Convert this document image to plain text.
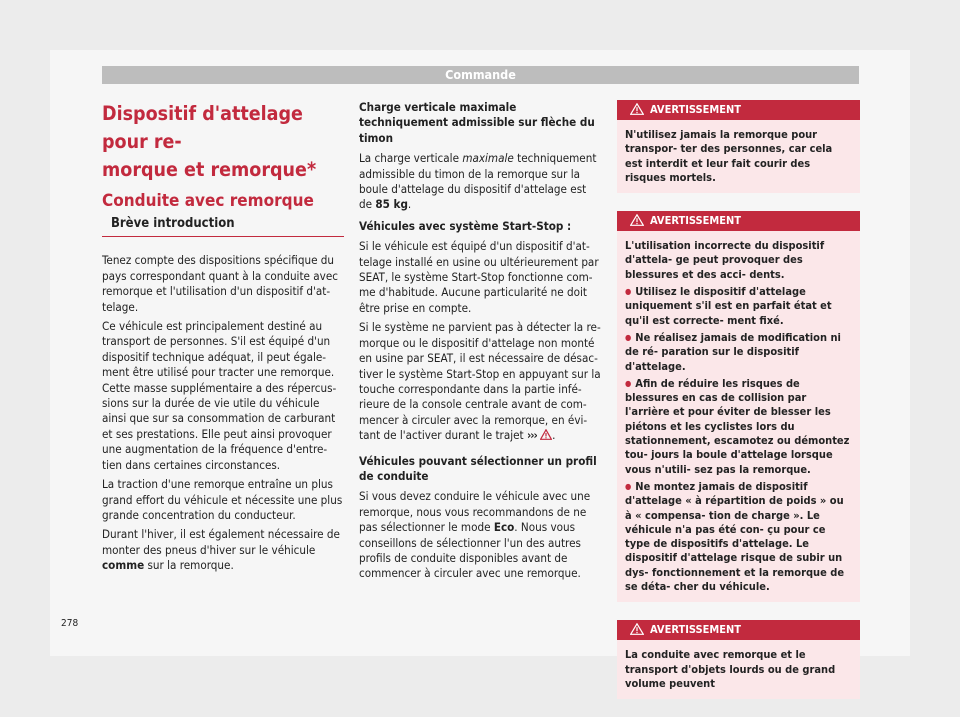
Commande
Dispositif d'attelage pour re-
morque et remorque*
Conduite avec remorque
Brève introduction

Tenez compte des dispositions spécifique du pays correspondant quant à la conduite avec remorque et l'utilisation d'un dispositif d'at- telage.

Ce véhicule est principalement destiné au transport de personnes. S'il est équipé d'un dispositif technique adéquat, il peut égale- ment être utilisé pour tracter une remorque. Cette masse supplémentaire a des répercus- sions sur la durée de vie utile du véhicule ainsi que sur sa consommation de carburant et ses prestations. Elle peut ainsi provoquer une augmentation de la fréquence d'entre- tien dans certaines circonstances.

La traction d'une remorque entraîne un plus grand effort du véhicule et nécessite une plus grande concentration du conducteur.

Durant l'hiver, il est également nécessaire de monter des pneus d'hiver sur le véhicule comme sur la remorque.

Charge verticale maximale techniquement admissible sur flèche du timon

La charge verticale maximale techniquement admissible du timon de la remorque sur la boule d'attelage du dispositif d'attelage est de 85 kg.

Véhicules avec système Start-Stop :

Si le véhicule est équipé d'un dispositif d'at- telage installé en usine ou ultérieurement par SEAT, le système Start-Stop fonctionne com- me d'habitude. Aucune particularité ne doit être prise en compte.

Si le système ne parvient pas à détecter la re- morque ou le dispositif d'attelage non monté en usine par SEAT, il est nécessaire de désac- tiver le système Start-Stop en appuyant sur la touche correspondante dans la partie infé- rieure de la console centrale avant de com- mencer à circuler avec la remorque, en évi- tant de l'activer durant le trajet ››› .

Véhicules pouvant sélectionner un profil de conduite

Si vous devez conduire le véhicule avec une remorque, nous vous recommandons de ne pas sélectionner le mode Eco. Nous vous conseillons de sélectionner l'un des autres profils de conduite disponibles avant de commencer à circuler avec une remorque.

AVERTISSEMENT
N'utilisez jamais la remorque pour transpor- ter des personnes, car cela est interdit et leur fait courir des risques mortels.
AVERTISSEMENT
L'utilisation incorrecte du dispositif d'attela- ge peut provoquer des blessures et des acci- dents.
● Utilisez le dispositif d'attelage uniquement s'il est en parfait état et qu'il est correcte- ment fixé.
● Ne réalisez jamais de modification ni de ré- paration sur le dispositif d'attelage.
● Afin de réduire les risques de blessures en cas de collision par l'arrière et pour éviter de blesser les piétons et les cyclistes lors du stationnement, escamotez ou démontez tou- jours la boule d'attelage lorsque vous n'utili- sez pas la remorque.
● Ne montez jamais de dispositif d'attelage « à répartition de poids » ou à « compensa- tion de charge ». Le véhicule n'a pas été con- çu pour ce type de dispositifs d'attelage. Le dispositif d'attelage risque de subir un dys- fonctionnement et la remorque de se déta- cher du véhicule.
AVERTISSEMENT
La conduite avec remorque et le transport d'objets lourds ou de grand volume peuvent
278
